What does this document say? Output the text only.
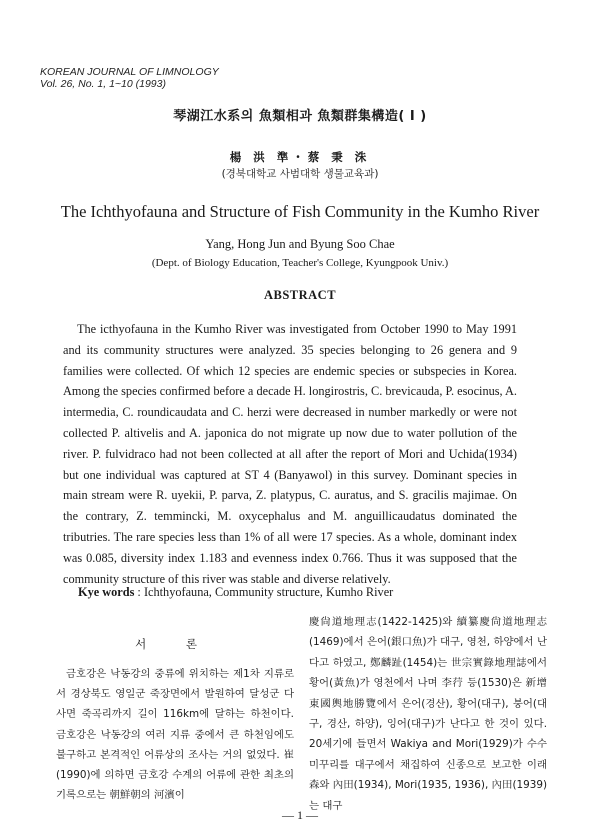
KOREAN JOURNAL OF LIMNOLOGY
Vol. 26, No. 1, 1~10 (1993)
琴湖江水系의 魚類相과 魚類群集構造( I )
楊 洪 準・蔡 秉 洙
(경북대학교 사범대학 생물교육과)
The Ichthyofauna and Structure of Fish Community in the Kumho River
Yang, Hong Jun and Byung Soo Chae
(Dept. of Biology Education, Teacher's College, Kyungpook Univ.)
ABSTRACT

The icthyofauna in the Kumho River was investigated from October 1990 to May 1991 and its community structures were analyzed. 35 species belonging to 26 genera and 9 families were collected. Of which 12 species are endemic species or subspecies in Korea. Among the species confirmed before a decade H. longirostris, C. brevicauda, P. esocinus, A. intermedia, C. roundicaudata and C. herzi were decreased in number markedly or were not collected P. altivelis and A. japonica do not migrate up now due to water pollution of the river. P. fulvidraco had not been collected at all after the report of Mori and Uchida(1934) but one individual was captured at ST 4 (Banyawol) in this survey. Dominant species in main stream were R. uyekii, P. parva, Z. platypus, C. auratus, and S. gracilis majimae. On the contrary, Z. temmincki, M. oxycephalus and M. anguillicaudatus dominated the tributries. The rare species less than 1% of all were 17 species. As a whole, dominant index was 0.085, diversity index 1.183 and evenness index 0.766. Thus it was supposed that the community structure of this river was stable and diverse relatively.

Kye words : Ichthyofauna, Community structure, Kumho River
서 론

금호강은 낙동강의 중류에 위치하는 제1차 지류로서 경상북도 영일군 죽장면에서 발원하여 달성군 다사면 죽곡리까지 길이 116km에 달하는 하천이다. 금호강은 낙동강의 여러 지류 중에서 큰 하천임에도 불구하고 본격적인 어류상의 조사는 거의 없었다. 崔(1990)에 의하면 금호강 수계의 어류에 관한 최초의 기록으로는 朝鮮朝의 河濱이

慶尙道地理志(1422-1425)와 續纂慶尙道地理志(1469)에서 은어(銀口魚)가 대구, 영천, 하양에서 난다고 하였고, 鄭麟趾(1454)는 世宗實錄地理誌에서 황어(黃魚)가 영천에서 나며 李荇 등(1530)은 新增東國輿地勝覽에서 은어(경산), 황어(대구), 붕어(대구, 경산, 하양), 잉어(대구)가 난다고 한 것이 있다. 20세기에 들면서 Wakiya and Mori(1929)가 수수미꾸리를 대구에서 채집하여 신종으로 보고한 이래 森와 內田(1934), Mori(1935, 1936), 內田(1939)는 대구

— 1 —
